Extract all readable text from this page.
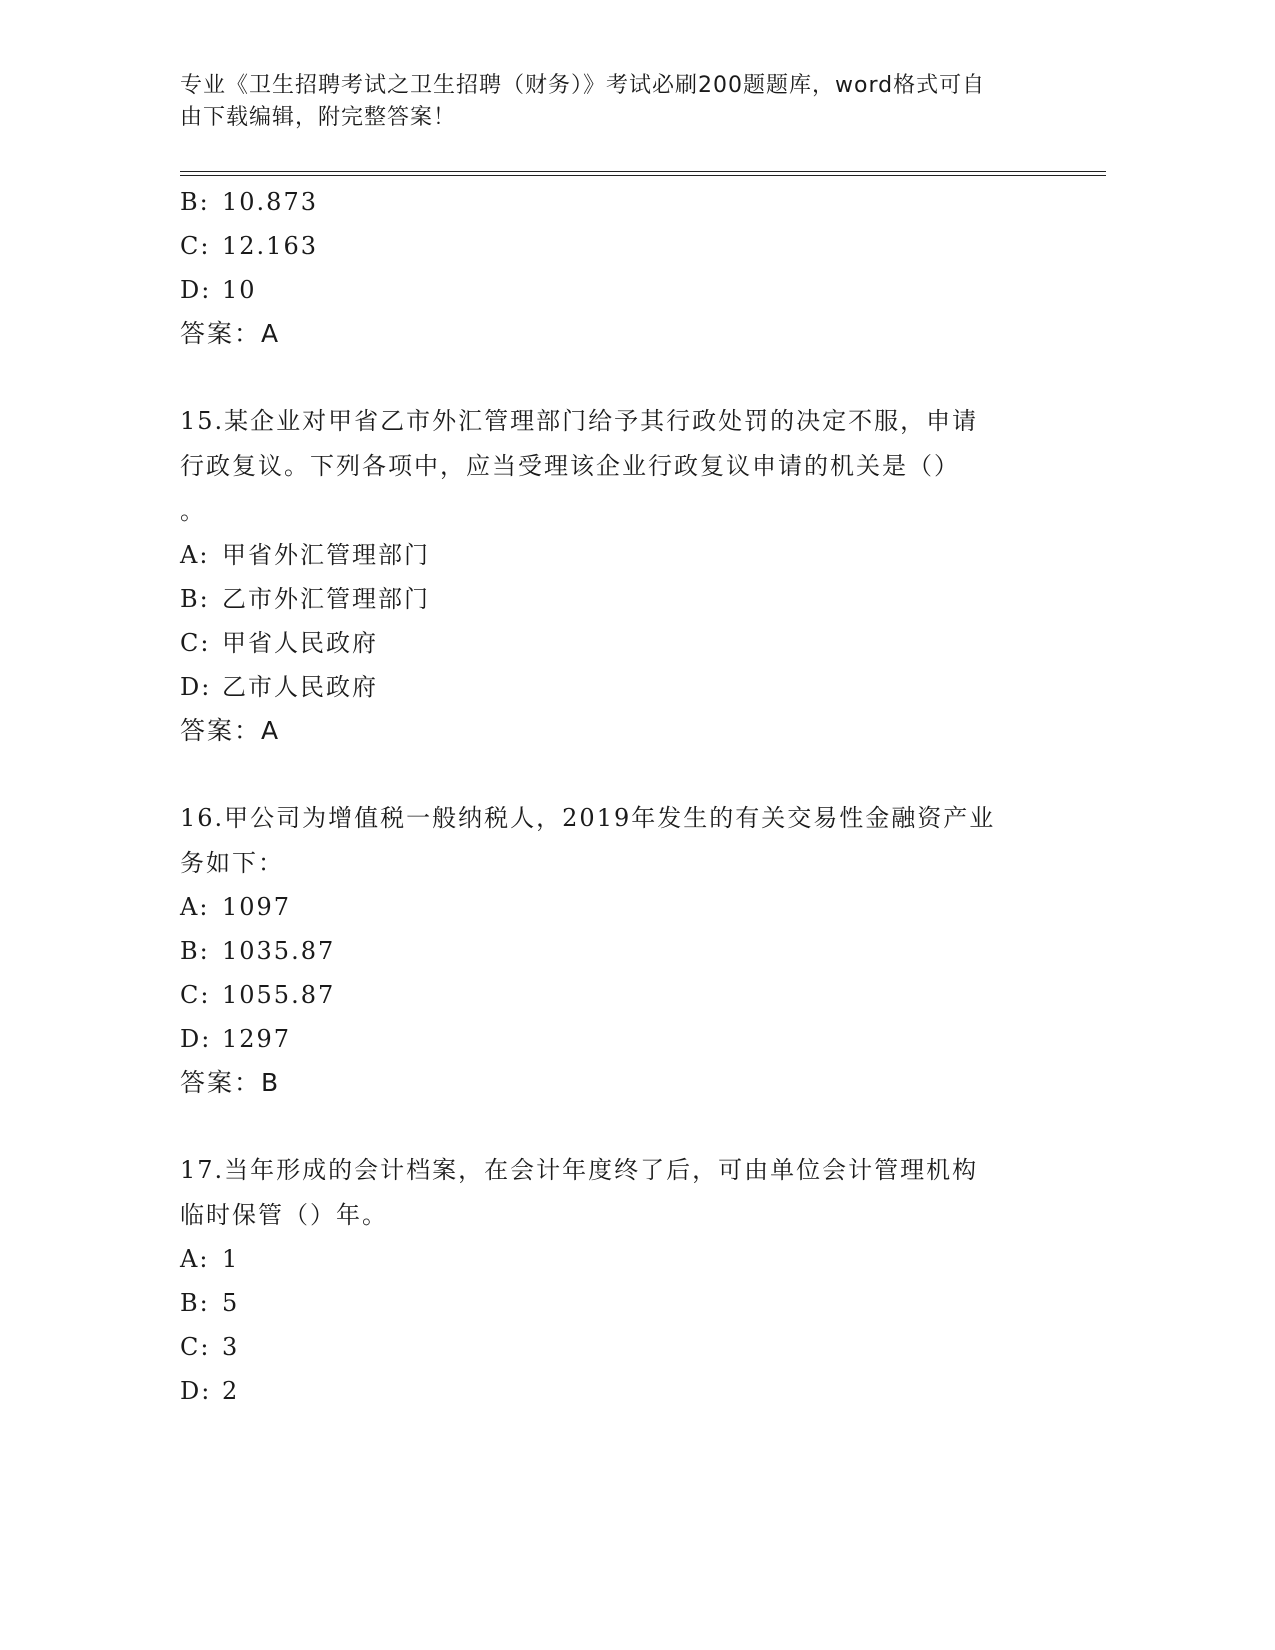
专业《卫生招聘考试之卫生招聘（财务）》考试必刷200题题库，word格式可自
由下载编辑，附完整答案！
B: 10.873
C: 12.163
D: 10
答案：A
15.某企业对甲省乙市外汇管理部门给予其行政处罚的决定不服，申请
行政复议。下列各项中，应当受理该企业行政复议申请的机关是（）
。
A: 甲省外汇管理部门
B: 乙市外汇管理部门
C: 甲省人民政府
D: 乙市人民政府
答案：A
16.甲公司为增值税一般纳税人，2019年发生的有关交易性金融资产业
务如下：
A: 1097
B: 1035.87
C: 1055.87
D: 1297
答案：B
17.当年形成的会计档案，在会计年度终了后，可由单位会计管理机构
临时保管（）年。
A: 1
B: 5
C: 3
D: 2
